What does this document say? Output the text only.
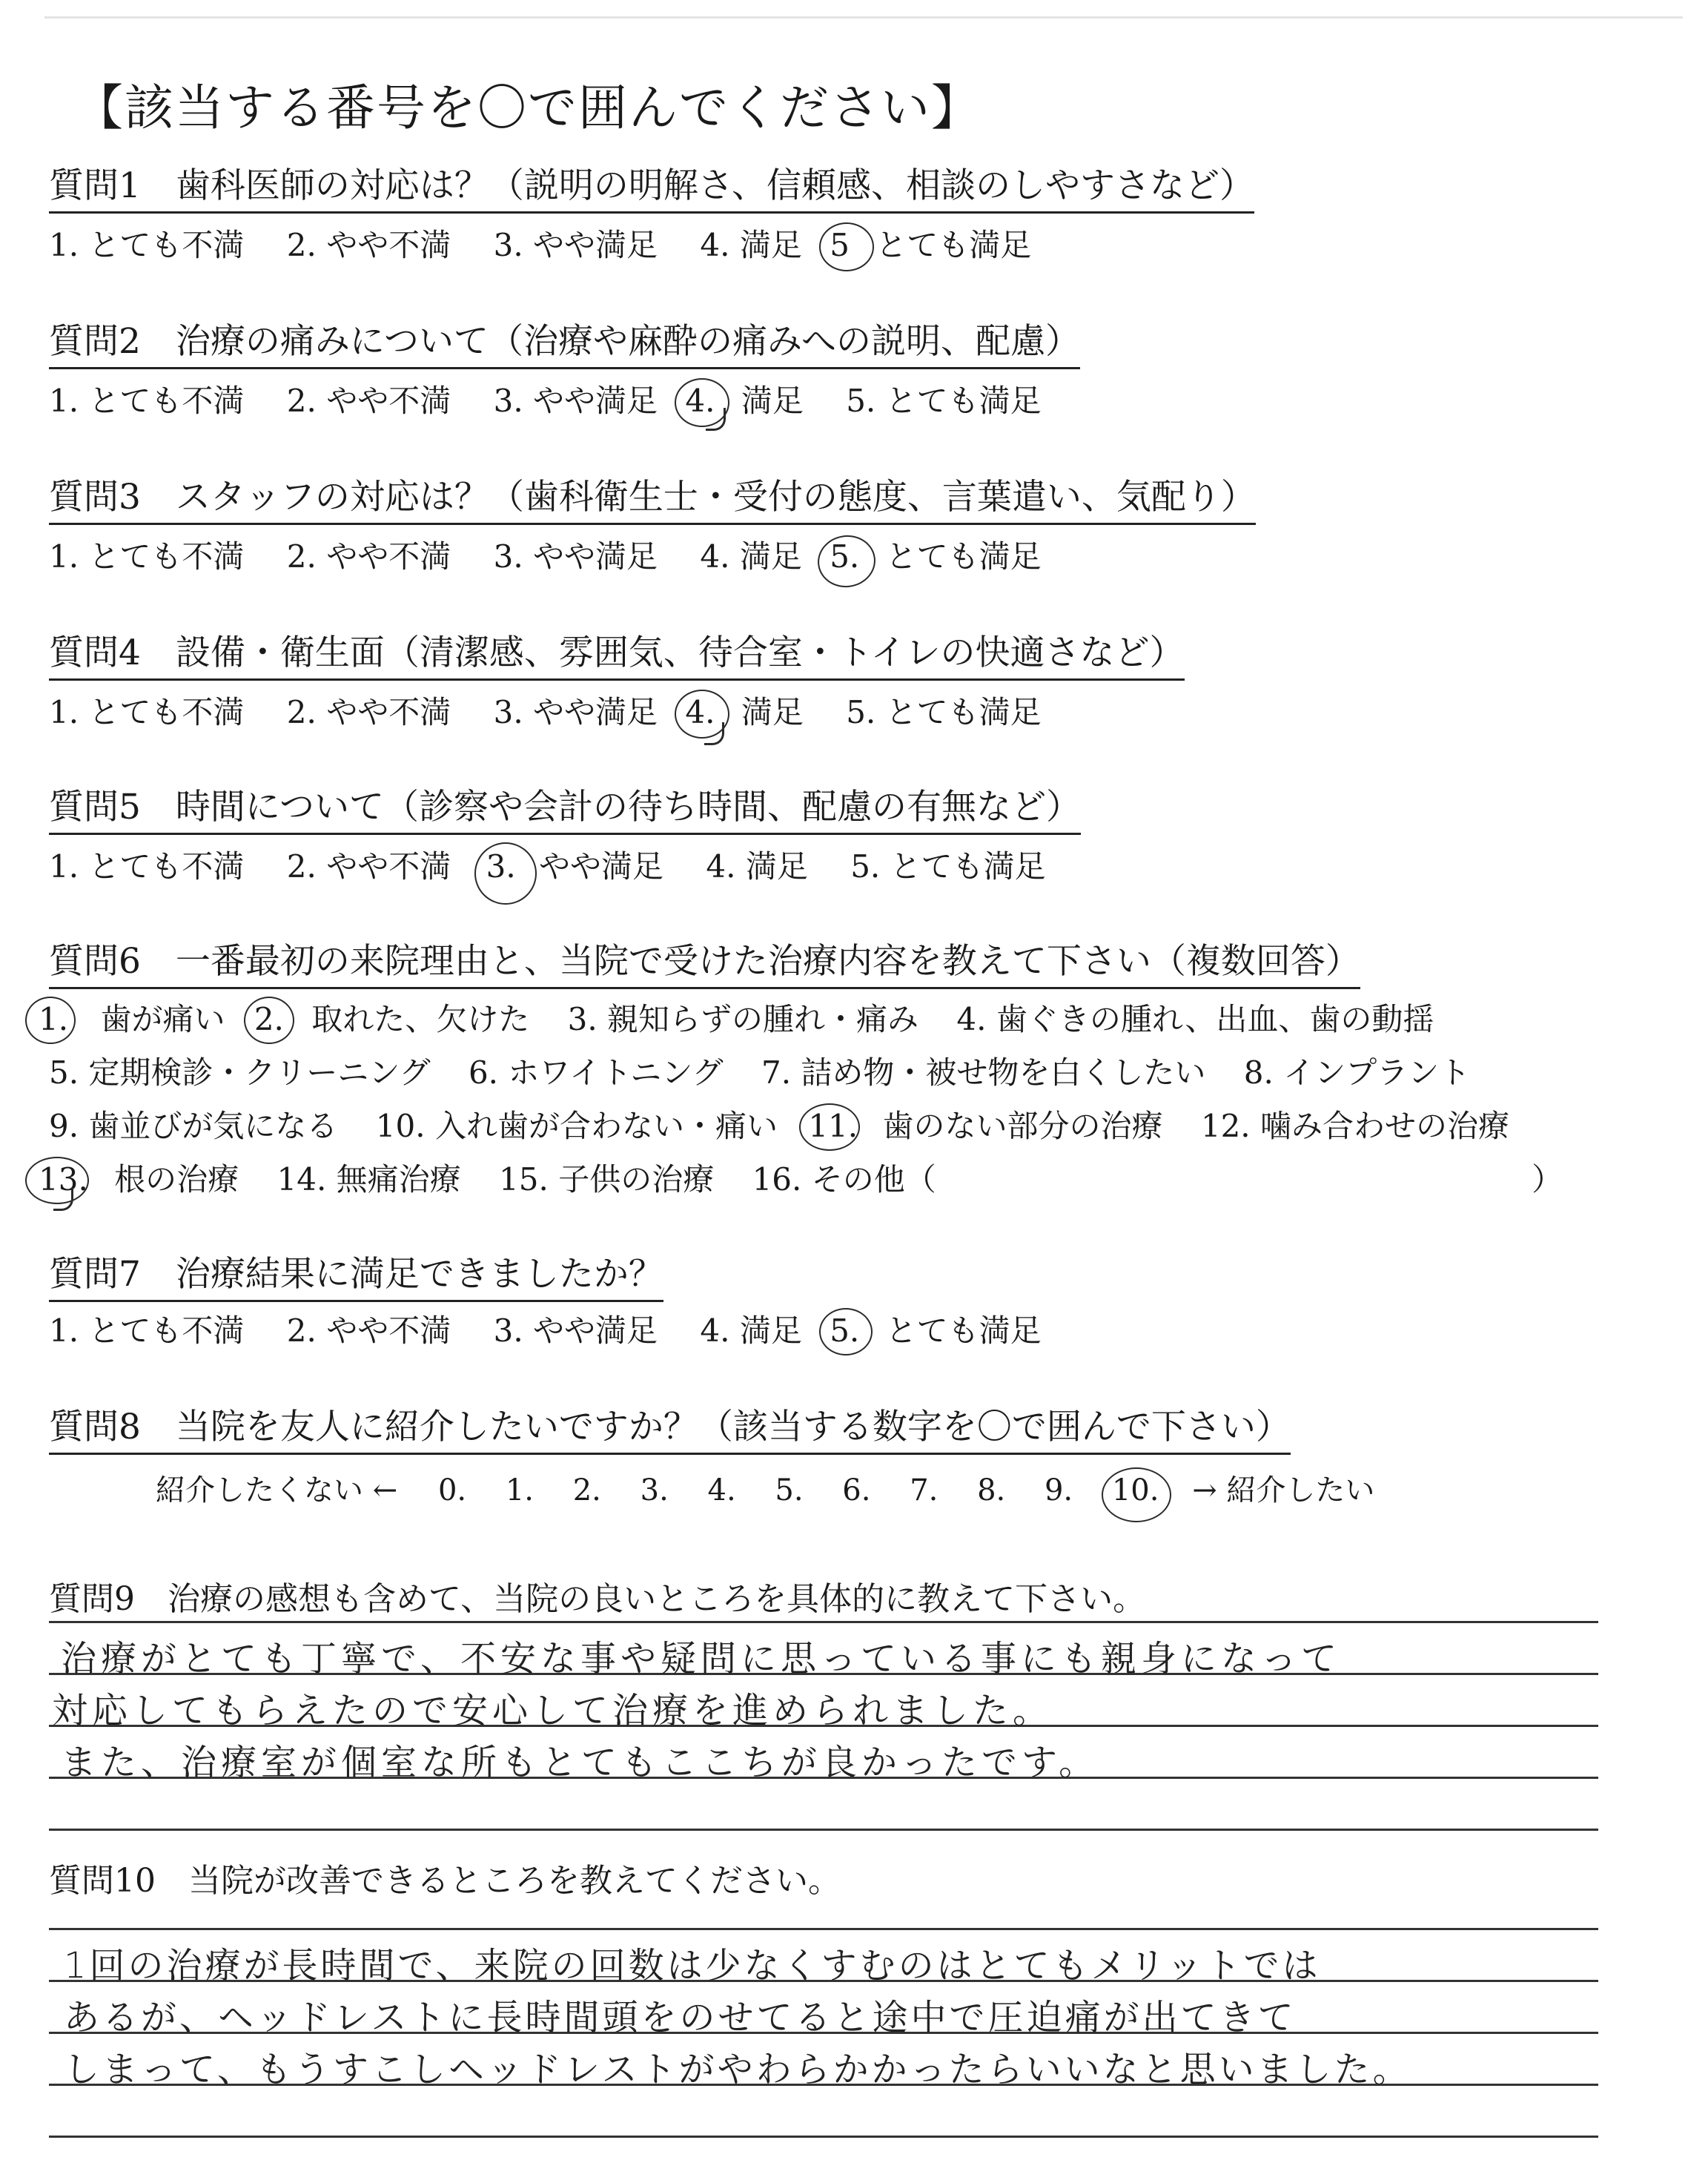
【該当する番号を〇で囲んでください】
質問1　歯科医師の対応は？（説明の明解さ、信頼感、相談のしやすさなど）
1. とても不満 2. やや不満 3. やや満足 4. 満足 5 とても満足
質問2　治療の痛みについて（治療や麻酔の痛みへの説明、配慮）
1. とても不満 2. やや不満 3. やや満足 4. 満足 5. とても満足
質問3　スタッフの対応は？（歯科衛生士・受付の態度、言葉遣い、気配り）
1. とても不満 2. やや不満 3. やや満足 4. 満足 5. とても満足
質問4　設備・衛生面（清潔感、雰囲気、待合室・トイレの快適さなど）
1. とても不満 2. やや不満 3. やや満足 4. 満足 5. とても満足
質問5　時間について（診察や会計の待ち時間、配慮の有無など）
1. とても不満 2. やや不満 3. やや満足 4. 満足 5. とても満足
質問6　一番最初の来院理由と、当院で受けた治療内容を教えて下さい（複数回答）
1. 歯が痛い 2. 取れた、欠けた 3. 親知らずの腫れ・痛み 4. 歯ぐきの腫れ、出血、歯の動揺
5. 定期検診・クリーニング 6. ホワイトニング 7. 詰め物・被せ物を白くしたい 8. インプラント
9. 歯並びが気になる 10. 入れ歯が合わない・痛い 11. 歯のない部分の治療 12. 噛み合わせの治療
13. 根の治療 14. 無痛治療 15. 子供の治療 16. その他（	）
質問7　治療結果に満足できましたか？
1. とても不満 2. やや不満 3. やや満足 4. 満足 5. とても満足
質問8　当院を友人に紹介したいですか？（該当する数字を〇で囲んで下さい）
紹介したくない ← 0. 1. 2. 3. 4. 5. 6. 7. 8. 9. 10. → 紹介したい
質問9　治療の感想も含めて、当院の良いところを具体的に教えて下さい。
治療がとても丁寧で、不安な事や疑問に思っている事にも親身になって
対応してもらえたので安心して治療を進められました。
また、治療室が個室な所もとてもここちが良かったです。
質問10　当院が改善できるところを教えてください。
1回の治療が長時間で、来院の回数は少なくすむのはとてもメリットでは
あるが、ヘッドレストに長時間頭をのせてると途中で圧迫痛が出てきて
しまって、もうすこしヘッドレストがやわらかかったらいいなと思いました。
